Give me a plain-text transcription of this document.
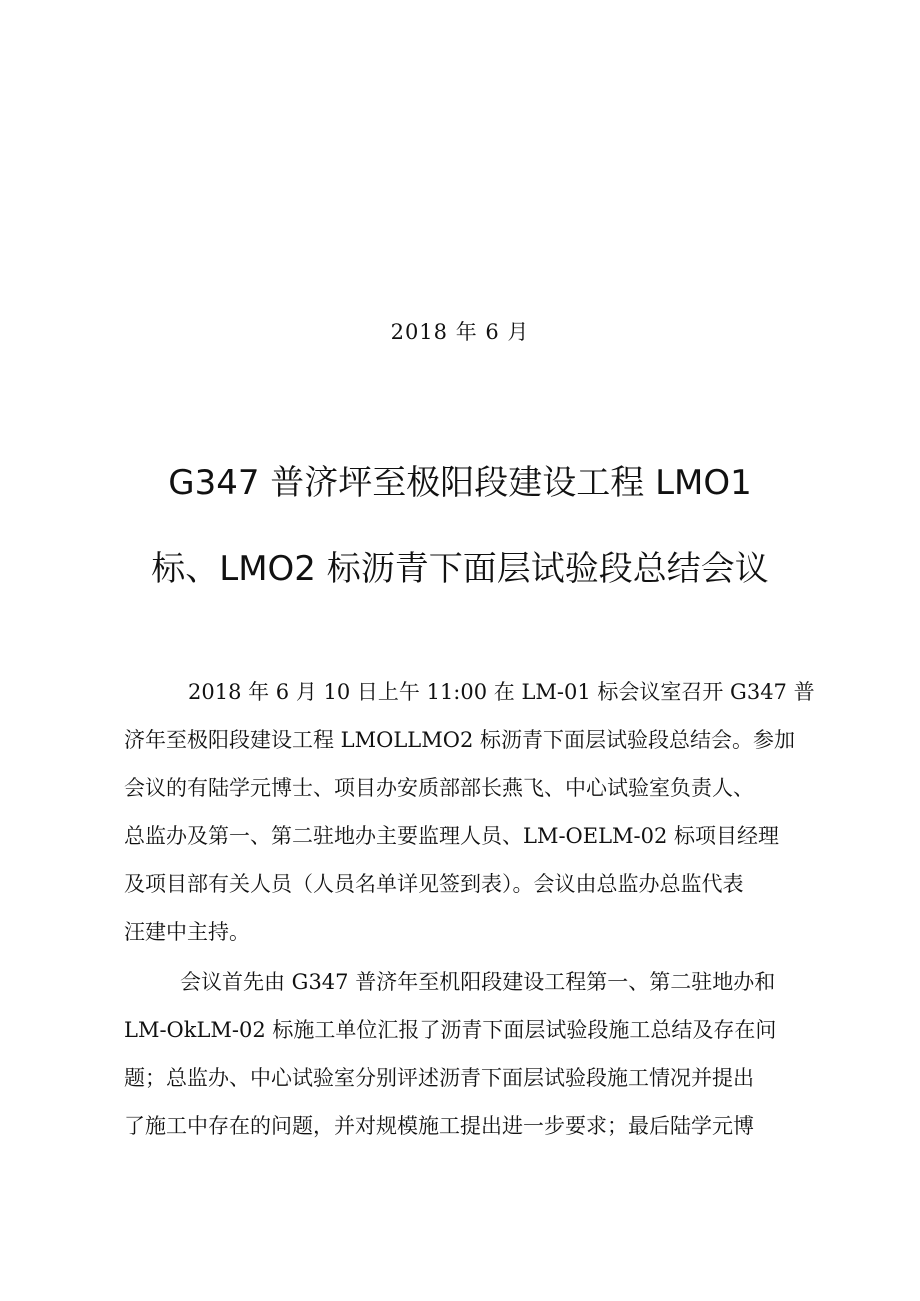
2018 年 6 月
G347 普济坪至极阳段建设工程 LMO1
标、LMO2 标沥青下面层试验段总结会议
2018 年 6 月 10 日上午 11:00 在 LM-01 标会议室召开 G347 普
济年至极阳段建设工程 LMOLLMO2 标沥青下面层试验段总结会。参加
会议的有陆学元博士、项目办安质部部长燕飞、中心试验室负责人、
总监办及第一、第二驻地办主要监理人员、LM-OELM-02 标项目经理
及项目部有关人员（人员名单详见签到表）。会议由总监办总监代表
汪建中主持。
会议首先由 G347 普济年至机阳段建设工程第一、第二驻地办和
LM-OkLM-02 标施工单位汇报了沥青下面层试验段施工总结及存在问
题；总监办、中心试验室分别评述沥青下面层试验段施工情况并提出
了施工中存在的问题，并对规模施工提出进一步要求；最后陆学元博
